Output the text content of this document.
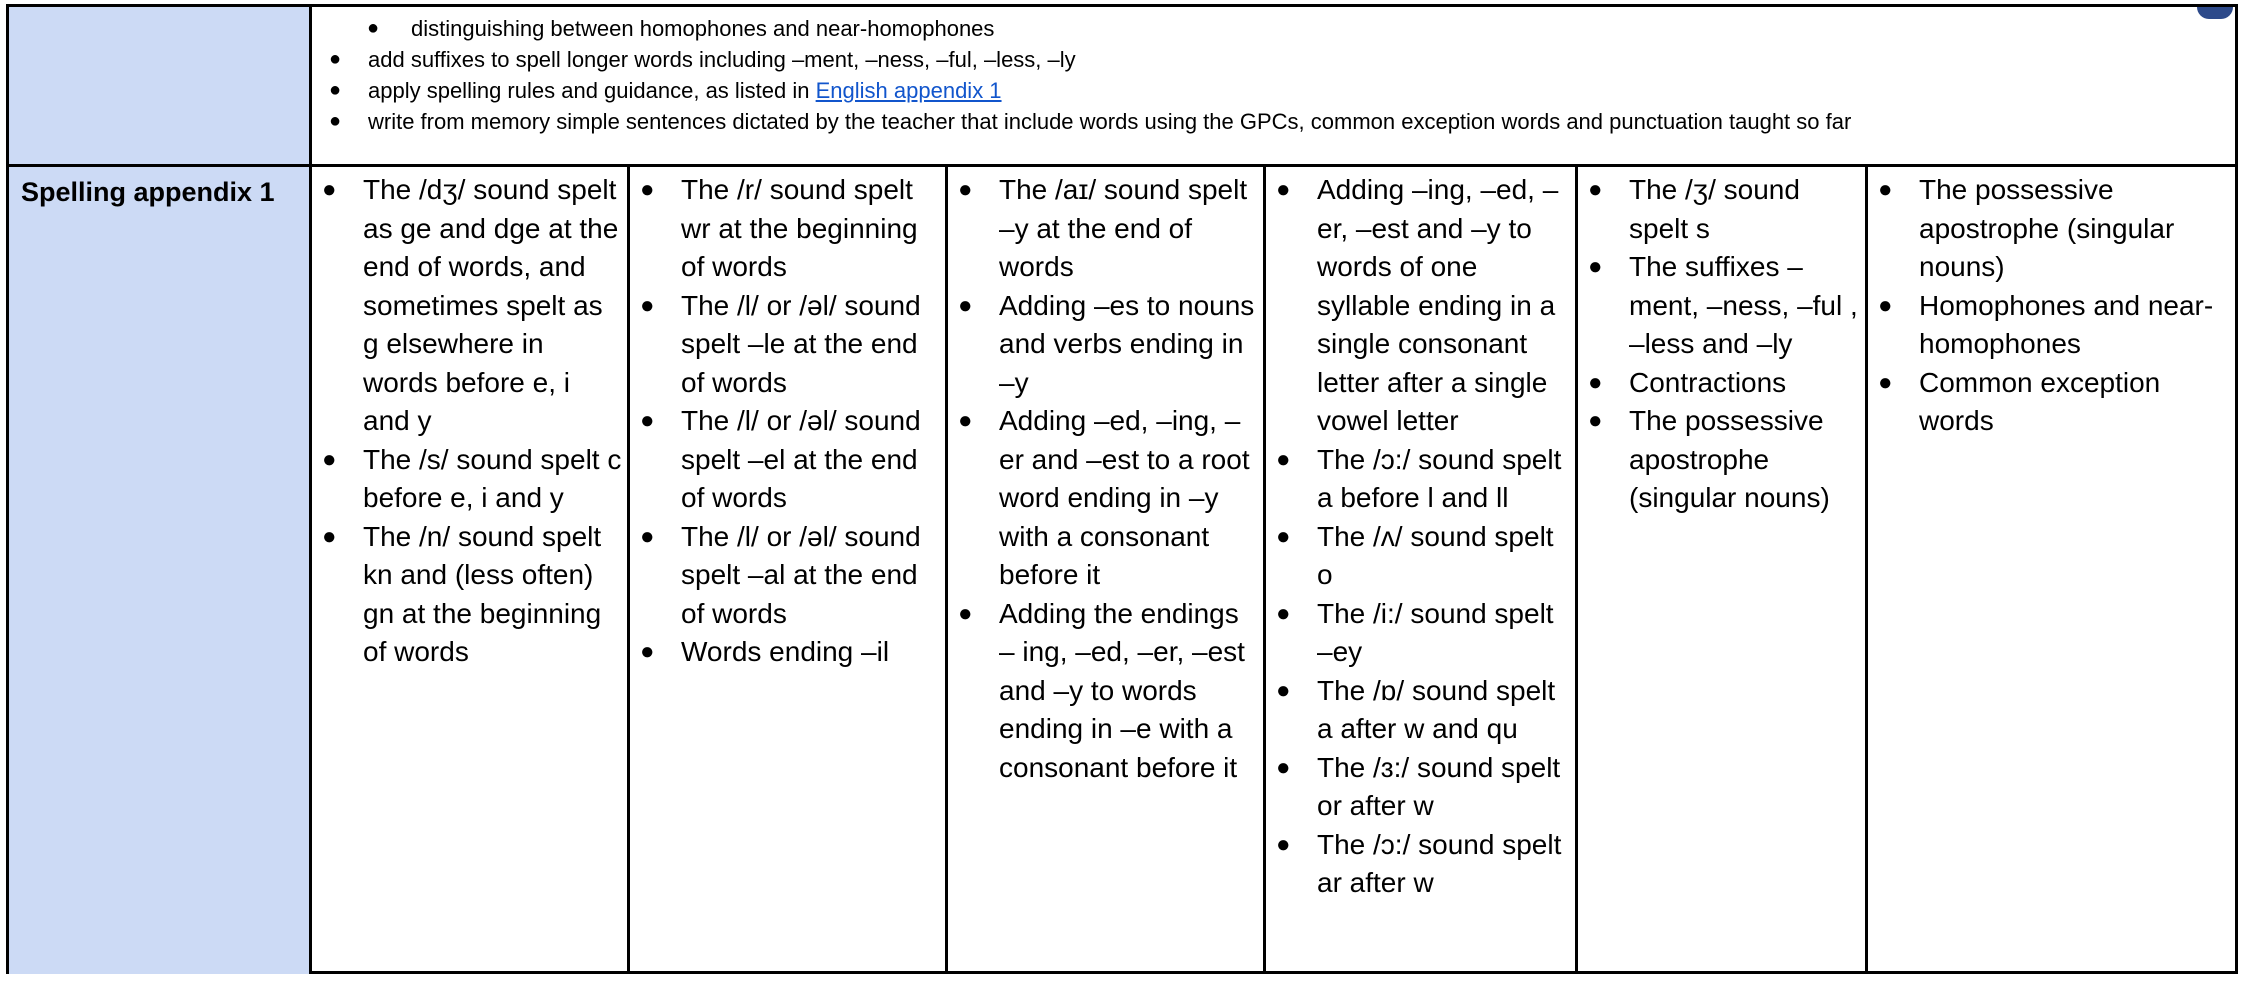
● distinguishing between homophones and near-homophones
● add suffixes to spell longer words including –ment, –ness, –ful, –less, –ly
● apply spelling rules and guidance, as listed in English appendix 1
● write from memory simple sentences dictated by the teacher that include words using the GPCs, common exception words and punctuation taught so far
Spelling appendix 1 ● The /dʒ/ sound spelt as ge and dge at the end of words, and sometimes spelt as g elsewhere in words before e, i and y
● The /s/ sound spelt c before e, i and y
● The /n/ sound spelt kn and (less often) gn at the beginning of words
● The /r/ sound spelt wr at the beginning of words
● The /l/ or /əl/ sound spelt –le at the end of words
● The /l/ or /əl/ sound spelt –el at the end of words
● The /l/ or /əl/ sound spelt –al at the end of words
● Words ending –il
● The /aɪ/ sound spelt –y at the end of words
● Adding –es to nouns and verbs ending in –y
● Adding –ed, –ing, –er and –est to a root word ending in –y with a consonant before it
● Adding the endings – ing, –ed, –er, –est and –y to words ending in –e with a consonant before it
● Adding –ing, –ed, –er, –est and –y to words of one syllable ending in a single consonant letter after a single vowel letter
● The /ɔ:/ sound spelt a before l and ll
● The /ʌ/ sound spelt o
● The /i:/ sound spelt –ey
● The /ɒ/ sound spelt a after w and qu
● The /ɜ:/ sound spelt or after w
● The /ɔ:/ sound spelt ar after w
● The /ʒ/ sound spelt s
● The suffixes –ment, –ness, –ful , –less and –ly
● Contractions
● The possessive apostrophe (singular nouns)
● The possessive apostrophe (singular nouns)
● Homophones and near-homophones
● Common exception words
